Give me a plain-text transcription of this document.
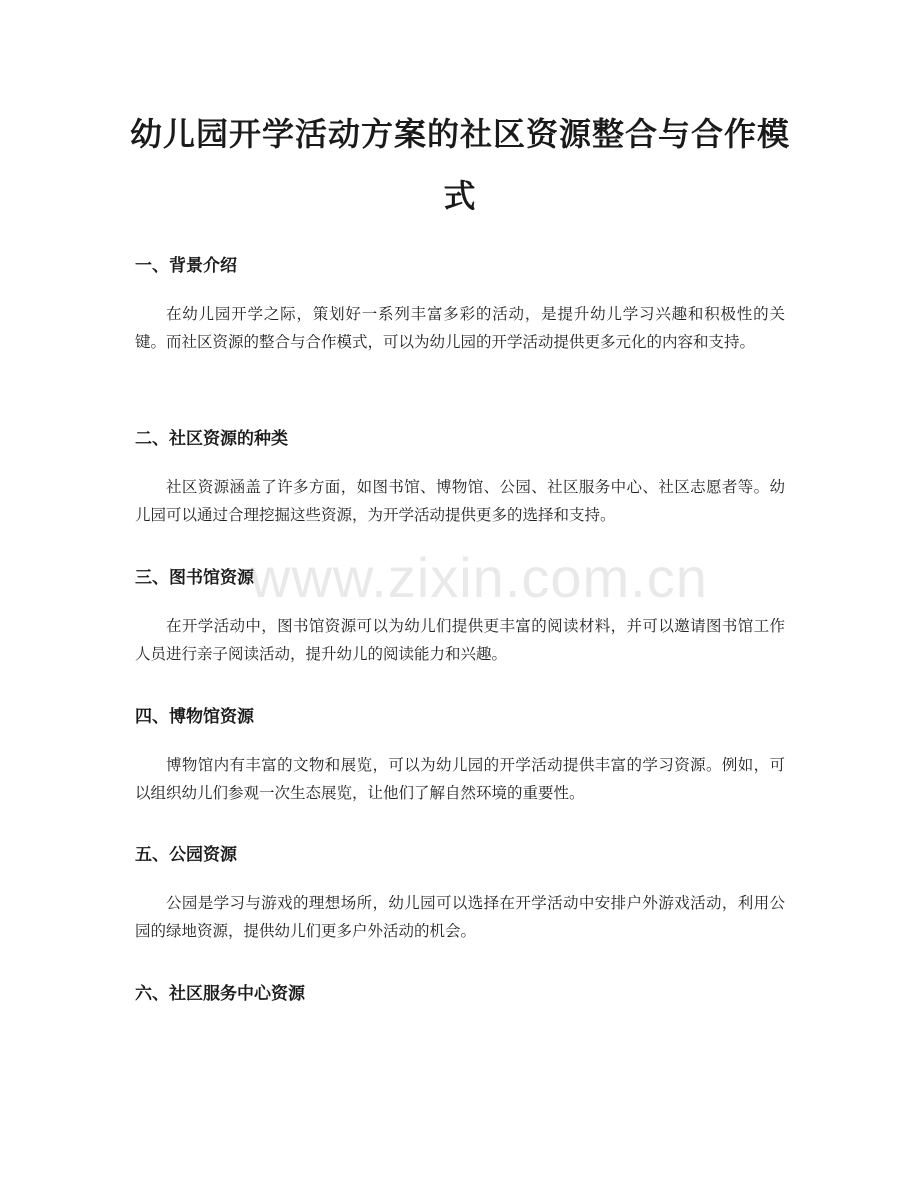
幼儿园开学活动方案的社区资源整合与合作模式
一、背景介绍

在幼儿园开学之际，策划好一系列丰富多彩的活动，是提升幼儿学习兴趣和积极性的关键。而社区资源的整合与合作模式，可以为幼儿园的开学活动提供更多元化的内容和支持。

二、社区资源的种类

社区资源涵盖了许多方面，如图书馆、博物馆、公园、社区服务中心、社区志愿者等。幼儿园可以通过合理挖掘这些资源，为开学活动提供更多的选择和支持。

三、图书馆资源

在开学活动中，图书馆资源可以为幼儿们提供更丰富的阅读材料，并可以邀请图书馆工作人员进行亲子阅读活动，提升幼儿的阅读能力和兴趣。

四、博物馆资源

博物馆内有丰富的文物和展览，可以为幼儿园的开学活动提供丰富的学习资源。例如，可以组织幼儿们参观一次生态展览，让他们了解自然环境的重要性。

五、公园资源

公园是学习与游戏的理想场所，幼儿园可以选择在开学活动中安排户外游戏活动，利用公园的绿地资源，提供幼儿们更多户外活动的机会。

六、社区服务中心资源
www.zixin.com.cn
